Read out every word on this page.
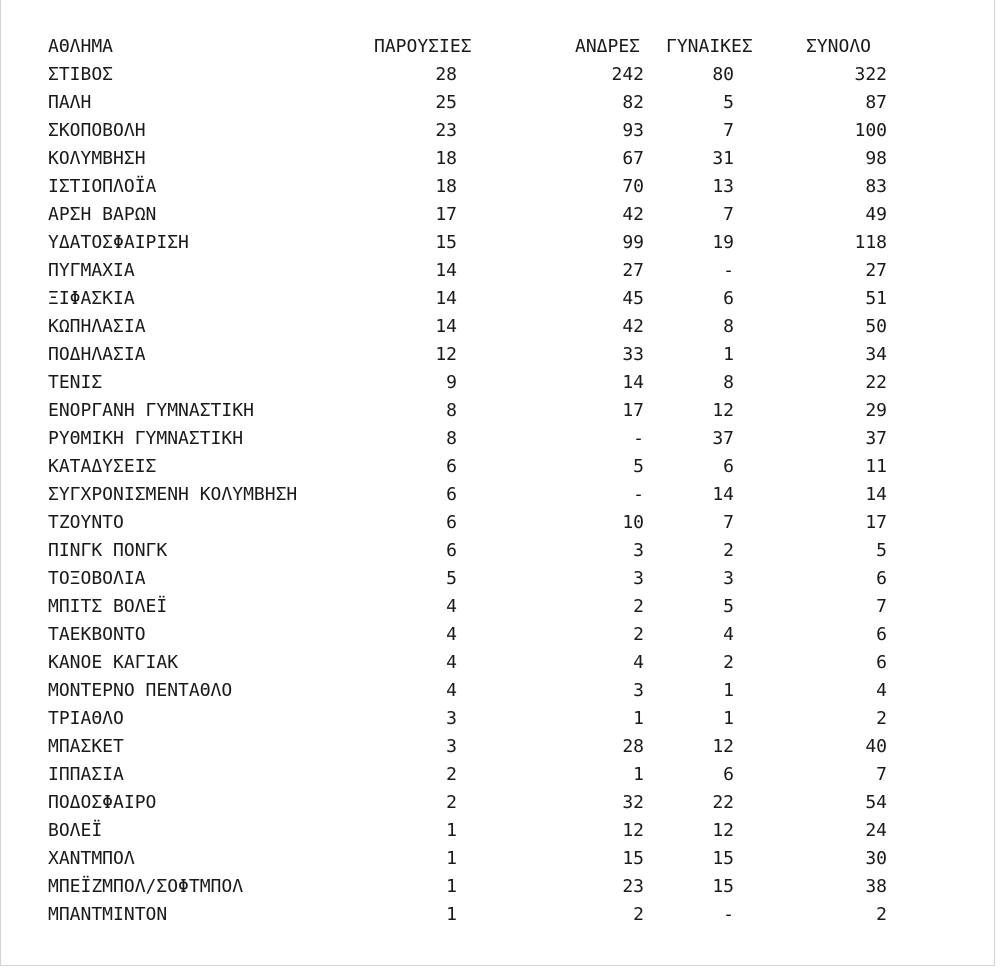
ΑΘΛΗΜΑ	ΠΑΡΟΥΣΙΕΣ	ΑΝΔΡΕΣ	ΓΥΝΑΙΚΕΣ	ΣΥΝΟΛΟ
ΣΤΙΒΟΣ	28	242	80	322
ΠΑΛΗ	25	82	5	87
ΣΚΟΠΟΒΟΛΗ	23	93	7	100
ΚΟΛΥΜΒΗΣΗ	18	67	31	98
ΙΣΤΙΟΠΛΟΪΑ	18	70	13	83
ΑΡΣΗ ΒΑΡΩΝ	17	42	7	49
ΥΔΑΤΟΣΦΑΙΡΙΣΗ	15	99	19	118
ΠΥΓΜΑΧΙΑ	14	27	-	27
ΞΙΦΑΣΚΙΑ	14	45	6	51
ΚΩΠΗΛΑΣΙΑ	14	42	8	50
ΠΟΔΗΛΑΣΙΑ	12	33	1	34
ΤΕΝΙΣ	9	14	8	22
ΕΝΟΡΓΑΝΗ ΓΥΜΝΑΣΤΙΚΗ	8	17	12	29
ΡΥΘΜΙΚΗ ΓΥΜΝΑΣΤΙΚΗ	8	-	37	37
ΚΑΤΑΔΥΣΕΙΣ	6	5	6	11
ΣΥΓΧΡΟΝΙΣΜΕΝΗ ΚΟΛΥΜΒΗΣΗ	6	-	14	14
ΤΖΟΥΝΤΟ	6	10	7	17
ΠΙΝΓΚ ΠΟΝΓΚ	6	3	2	5
ΤΟΞΟΒΟΛΙΑ	5	3	3	6
ΜΠΙΤΣ ΒΟΛΕΪ	4	2	5	7
ΤΑΕΚΒΟΝΤΟ	4	2	4	6
ΚΑΝΟΕ ΚΑΓΙΑΚ	4	4	2	6
ΜΟΝΤΕΡΝΟ ΠΕΝΤΑΘΛΟ	4	3	1	4
ΤΡΙΑΘΛΟ	3	1	1	2
ΜΠΑΣΚΕΤ	3	28	12	40
ΙΠΠΑΣΙΑ	2	1	6	7
ΠΟΔΟΣΦΑΙΡΟ	2	32	22	54
ΒΟΛΕΪ	1	12	12	24
ΧΑΝΤΜΠΟΛ	1	15	15	30
ΜΠΕΪΖΜΠΟΛ/ΣΟΦΤΜΠΟΛ	1	23	15	38
ΜΠΑΝΤΜΙΝΤΟΝ	1	2	-	2
